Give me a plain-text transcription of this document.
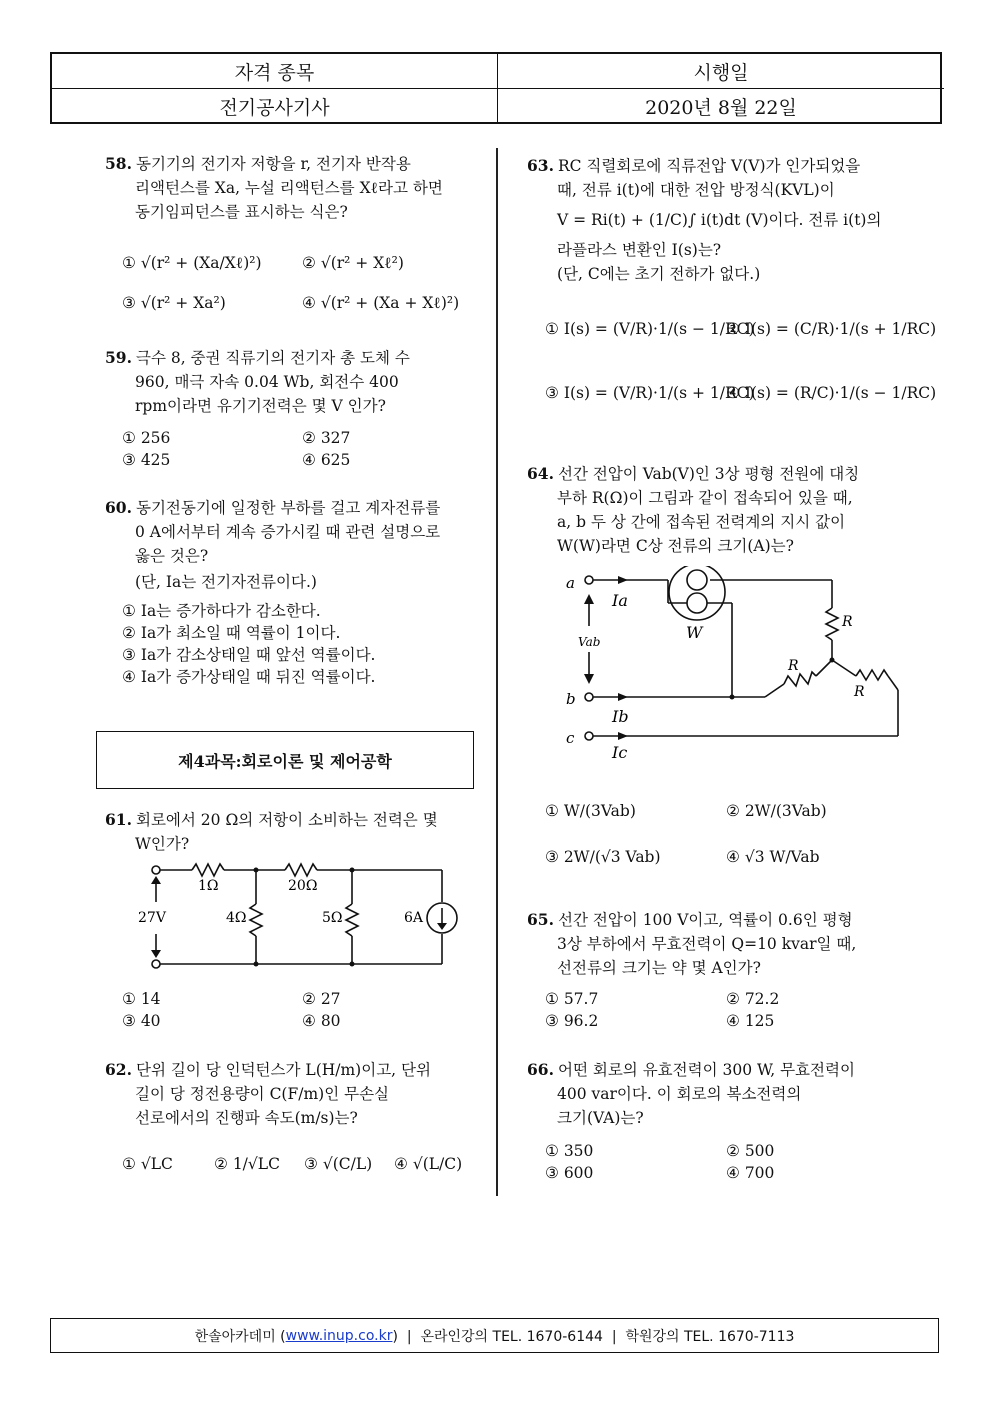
자격 종목	시행일
전기공사기사	2020년 8월 22일
58. 동기기의 전기자 저항을 r, 전기자 반작용
리액턴스를 Xa, 누설 리액턴스를 Xℓ라고 하면
동기임피던스를 표시하는 식은?
① √(r² + (Xa/Xℓ)²)	② √(r² + Xℓ²)
③ √(r² + Xa²)	④ √(r² + (Xa + Xℓ)²)
59. 극수 8, 중권 직류기의 전기자 총 도체 수
960, 매극 자속 0.04 Wb, 회전수 400
rpm이라면 유기기전력은 몇 V 인가?
① 256	② 327
③ 425	④ 625
60. 동기전동기에 일정한 부하를 걸고 계자전류를
0 A에서부터 계속 증가시킬 때 관련 설명으로
옳은 것은?
(단, Ia는 전기자전류이다.)
① Ia는 증가하다가 감소한다.
② Ia가 최소일 때 역률이 1이다.
③ Ia가 감소상태일 때 앞선 역률이다.
④ Ia가 증가상태일 때 뒤진 역률이다.
제4과목:회로이론 및 제어공학
61. 회로에서 20 Ω의 저항이 소비하는 전력은 몇
W인가?
1Ω	20Ω
27V	4Ω	5Ω	6A
① 14	② 27
③ 40	④ 80
62. 단위 길이 당 인덕턴스가 L(H/m)이고, 단위
길이 당 정전용량이 C(F/m)인 무손실
선로에서의 진행파 속도(m/s)는?
① √LC	② 1/√LC ③ √(C/L) ④ √(L/C)
63. RC 직렬회로에 직류전압 V(V)가 인가되었을
때, 전류 i(t)에 대한 전압 방정식(KVL)이
V = Ri(t) + (1/C)∫ i(t)dt (V)이다. 전류 i(t)의
라플라스 변환인 I(s)는?
(단, C에는 초기 전하가 없다.)
① I(s) = (V/R)·1/(s − 1/RC)
② I(s) = (C/R)·1/(s + 1/RC)
③ I(s) = (V/R)·1/(s + 1/RC)
④ I(s) = (R/C)·1/(s − 1/RC)
64. 선간 전압이 Vab(V)인 3상 평형 전원에 대칭
부하 R(Ω)이 그림과 같이 접속되어 있을 때,
a, b 두 상 간에 접속된 전력계의 지시 값이
W(W)라면 C상 전류의 크기(A)는?
a
b
c
Ia
Ib
Ic
Vab	W
R
R
R
① W/(3Vab)	② 2W/(3Vab)
③ 2W/(√3 Vab)	④ √3 W/Vab
65. 선간 전압이 100 V이고, 역률이 0.6인 평형
3상 부하에서 무효전력이 Q=10 kvar일 때,
선전류의 크기는 약 몇 A인가?
① 57.7	② 72.2
③ 96.2	④ 125
66. 어떤 회로의 유효전력이 300 W, 무효전력이
400 var이다. 이 회로의 복소전력의
크기(VA)는?
① 350	② 500
③ 600	④ 700
한솔아카데미 ( www.inup.co.kr )  |  온라인강의 TEL. 1670-6144  |  학원강의 TEL. 1670-7113
